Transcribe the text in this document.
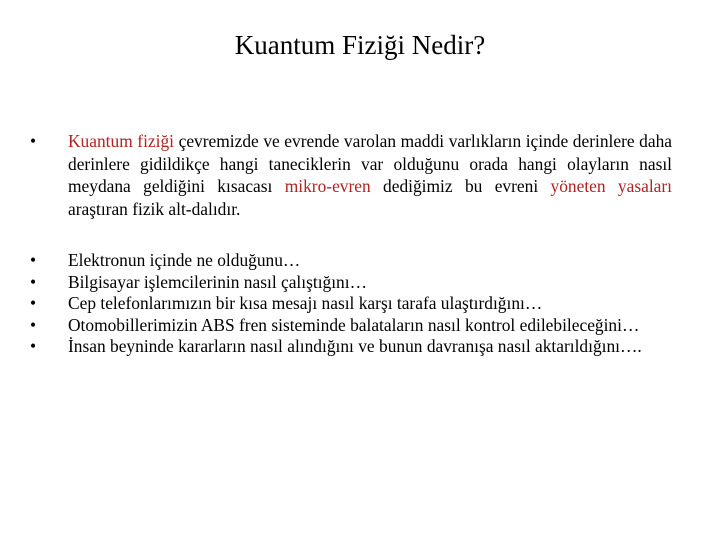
Kuantum Fiziği Nedir?
•	Kuantum fiziği çevremizde ve evrende varolan maddi varlıkların içinde derinlere daha derinlere gidildikçe hangi taneciklerin var olduğunu orada hangi olayların nasıl meydana geldiğini kısacası mikro-evren dediğimiz bu evreni yöneten yasaları araştıran fizik alt-dalıdır.
•	Elektronun içinde ne olduğunu…
•	Bilgisayar işlemcilerinin nasıl çalıştığını…
•	Cep telefonlarımızın bir kısa mesajı nasıl karşı tarafa ulaştırdığını…
•	Otomobillerimizin ABS fren sisteminde balataların nasıl kontrol edilebileceğini…
•	İnsan beyninde kararların nasıl alındığını ve bunun davranışa nasıl aktarıldığını….
